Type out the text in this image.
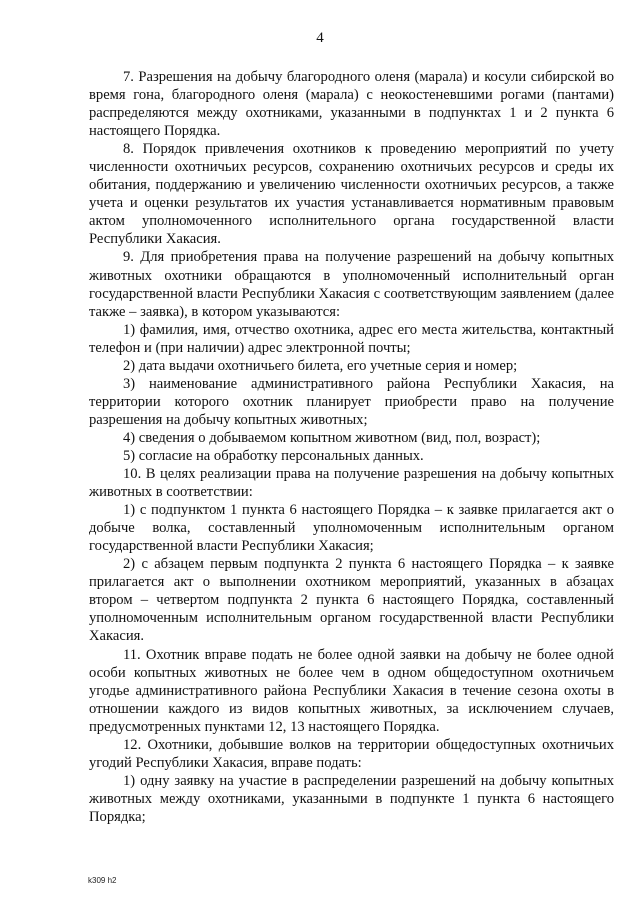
4

7. Разрешения на добычу благородного оленя (марала) и косули сибирской во время гона, благородного оленя (марала) с неокостеневшими рогами (пантами) распределяются между охотниками, указанными в подпунктах 1 и 2 пункта 6 настоящего Порядка.

8. Порядок привлечения охотников к проведению мероприятий по учету численности охотничьих ресурсов, сохранению охотничьих ресурсов и среды их обитания, поддержанию и увеличению численности охотничьих ресурсов, а также учета и оценки результатов их участия устанавливается нормативным правовым актом уполномоченного исполнительного органа государственной власти Республики Хакасия.

9. Для приобретения права на получение разрешений на добычу копытных животных охотники обращаются в уполномоченный исполнительный орган государственной власти Республики Хакасия с соответствующим заявлением (далее также – заявка), в котором указываются:

1) фамилия, имя, отчество охотника, адрес его места жительства, контактный телефон и (при наличии) адрес электронной почты;

2) дата выдачи охотничьего билета, его учетные серия и номер;

3) наименование административного района Республики Хакасия, на территории которого охотник планирует приобрести право на получение разрешения на добычу копытных животных;

4) сведения о добываемом копытном животном (вид, пол, возраст);

5) согласие на обработку персональных данных.

10. В целях реализации права на получение разрешения на добычу копытных животных в соответствии:

1) с подпунктом 1 пункта 6 настоящего Порядка – к заявке прилагается акт о добыче волка, составленный уполномоченным исполнительным органом государственной власти Республики Хакасия;

2) с абзацем первым подпункта 2 пункта 6 настоящего Порядка – к заявке прилагается акт о выполнении охотником мероприятий, указанных в абзацах втором – четвертом подпункта 2 пункта 6 настоящего Порядка, составленный уполномоченным исполнительным органом государственной власти Республики Хакасия.

11. Охотник вправе подать не более одной заявки на добычу не более одной особи копытных животных не более чем в одном общедоступном охотничьем угодье административного района Республики Хакасия в течение сезона охоты в отношении каждого из видов копытных животных, за исключением случаев, предусмотренных пунктами 12, 13 настоящего Порядка.

12. Охотники, добывшие волков на территории общедоступных охотничьих угодий Республики Хакасия, вправе подать:

1) одну заявку на участие в распределении разрешений на добычу копытных животных между охотниками, указанными в подпункте 1 пункта 6 настоящего Порядка;

k309 h2
